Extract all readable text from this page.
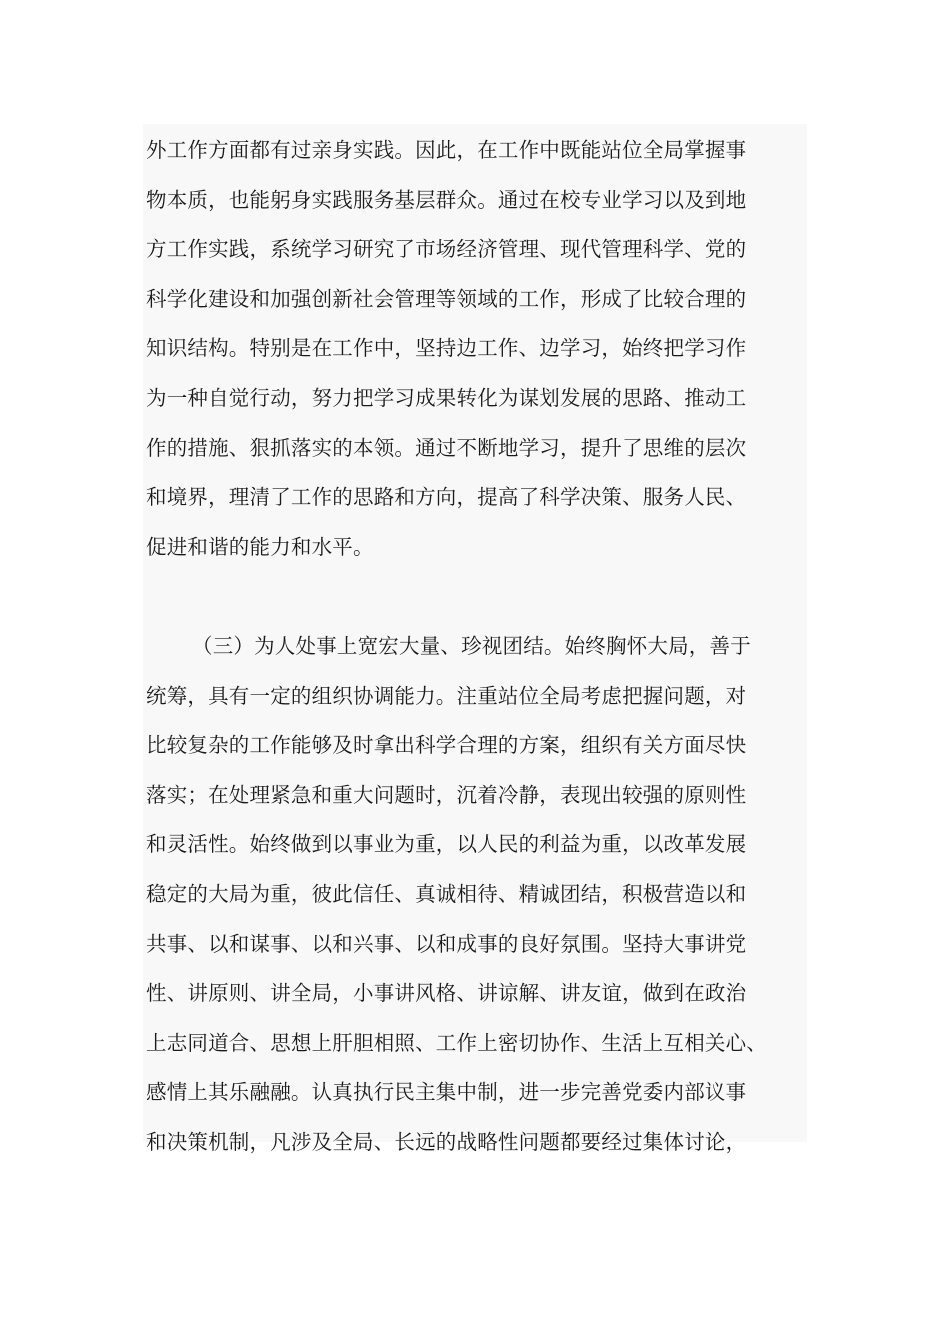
外工作方面都有过亲身实践。因此，在工作中既能站位全局掌握事
物本质，也能躬身实践服务基层群众。通过在校专业学习以及到地
方工作实践，系统学习研究了市场经济管理、现代管理科学、党的
科学化建设和加强创新社会管理等领域的工作，形成了比较合理的
知识结构。特别是在工作中，坚持边工作、边学习，始终把学习作
为一种自觉行动，努力把学习成果转化为谋划发展的思路、推动工
作的措施、狠抓落实的本领。通过不断地学习，提升了思维的层次
和境界，理清了工作的思路和方向，提高了科学决策、服务人民、
促进和谐的能力和水平。
（三）为人处事上宽宏大量、珍视团结。始终胸怀大局，善于
统筹，具有一定的组织协调能力。注重站位全局考虑把握问题，对
比较复杂的工作能够及时拿出科学合理的方案，组织有关方面尽快
落实；在处理紧急和重大问题时，沉着冷静，表现出较强的原则性
和灵活性。始终做到以事业为重，以人民的利益为重，以改革发展
稳定的大局为重，彼此信任、真诚相待、精诚团结，积极营造以和
共事、以和谋事、以和兴事、以和成事的良好氛围。坚持大事讲党
性、讲原则、讲全局，小事讲风格、讲谅解、讲友谊，做到在政治
上志同道合、思想上肝胆相照、工作上密切协作、生活上互相关心、
感情上其乐融融。认真执行民主集中制，进一步完善党委内部议事
和决策机制，凡涉及全局、长远的战略性问题都要经过集体讨论，
